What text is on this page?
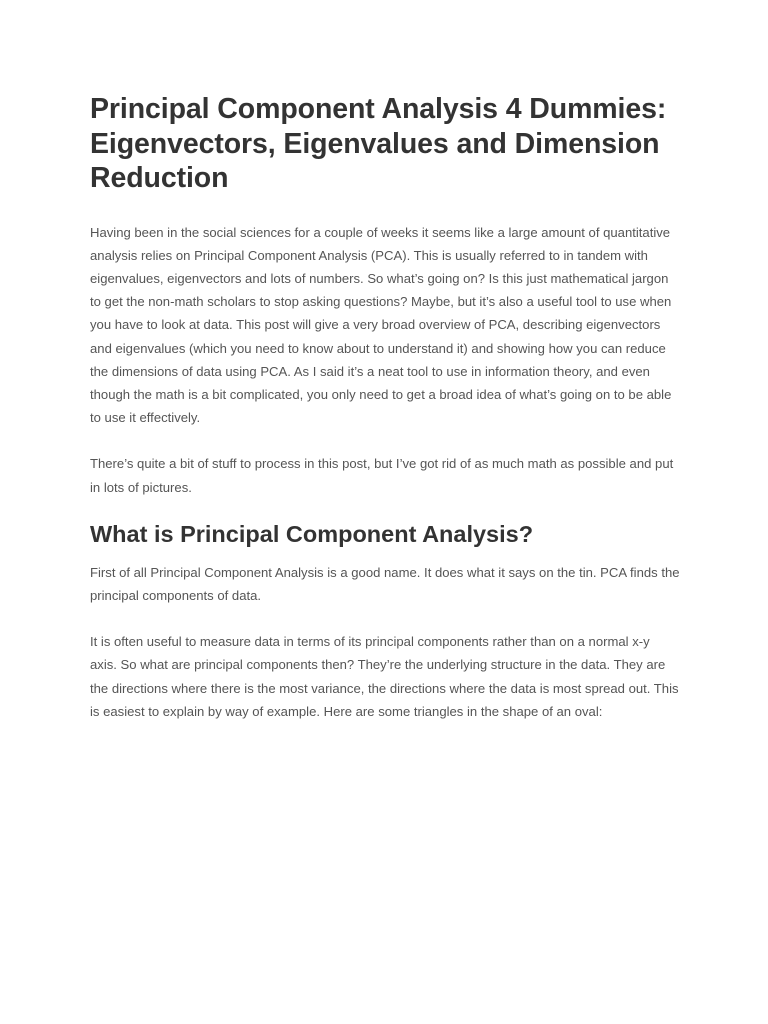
Principal Component Analysis 4 Dummies: Eigenvectors, Eigenvalues and Dimension Reduction

Having been in the social sciences for a couple of weeks it seems like a large amount of quantitative analysis relies on Principal Component Analysis (PCA). This is usually referred to in tandem with eigenvalues, eigenvectors and lots of numbers. So what’s going on? Is this just mathematical jargon to get the non-math scholars to stop asking questions? Maybe, but it’s also a useful tool to use when you have to look at data. This post will give a very broad overview of PCA, describing eigenvectors and eigenvalues (which you need to know about to understand it) and showing how you can reduce the dimensions of data using PCA. As I said it’s a neat tool to use in information theory, and even though the math is a bit complicated, you only need to get a broad idea of what’s going on to be able to use it effectively.

There’s quite a bit of stuff to process in this post, but I’ve got rid of as much math as possible and put in lots of pictures.

What is Principal Component Analysis?

First of all Principal Component Analysis is a good name. It does what it says on the tin. PCA finds the principal components of data.

It is often useful to measure data in terms of its principal components rather than on a normal x-y axis. So what are principal components then? They’re the underlying structure in the data. They are the directions where there is the most variance, the directions where the data is most spread out. This is easiest to explain by way of example. Here are some triangles in the shape of an oval:
